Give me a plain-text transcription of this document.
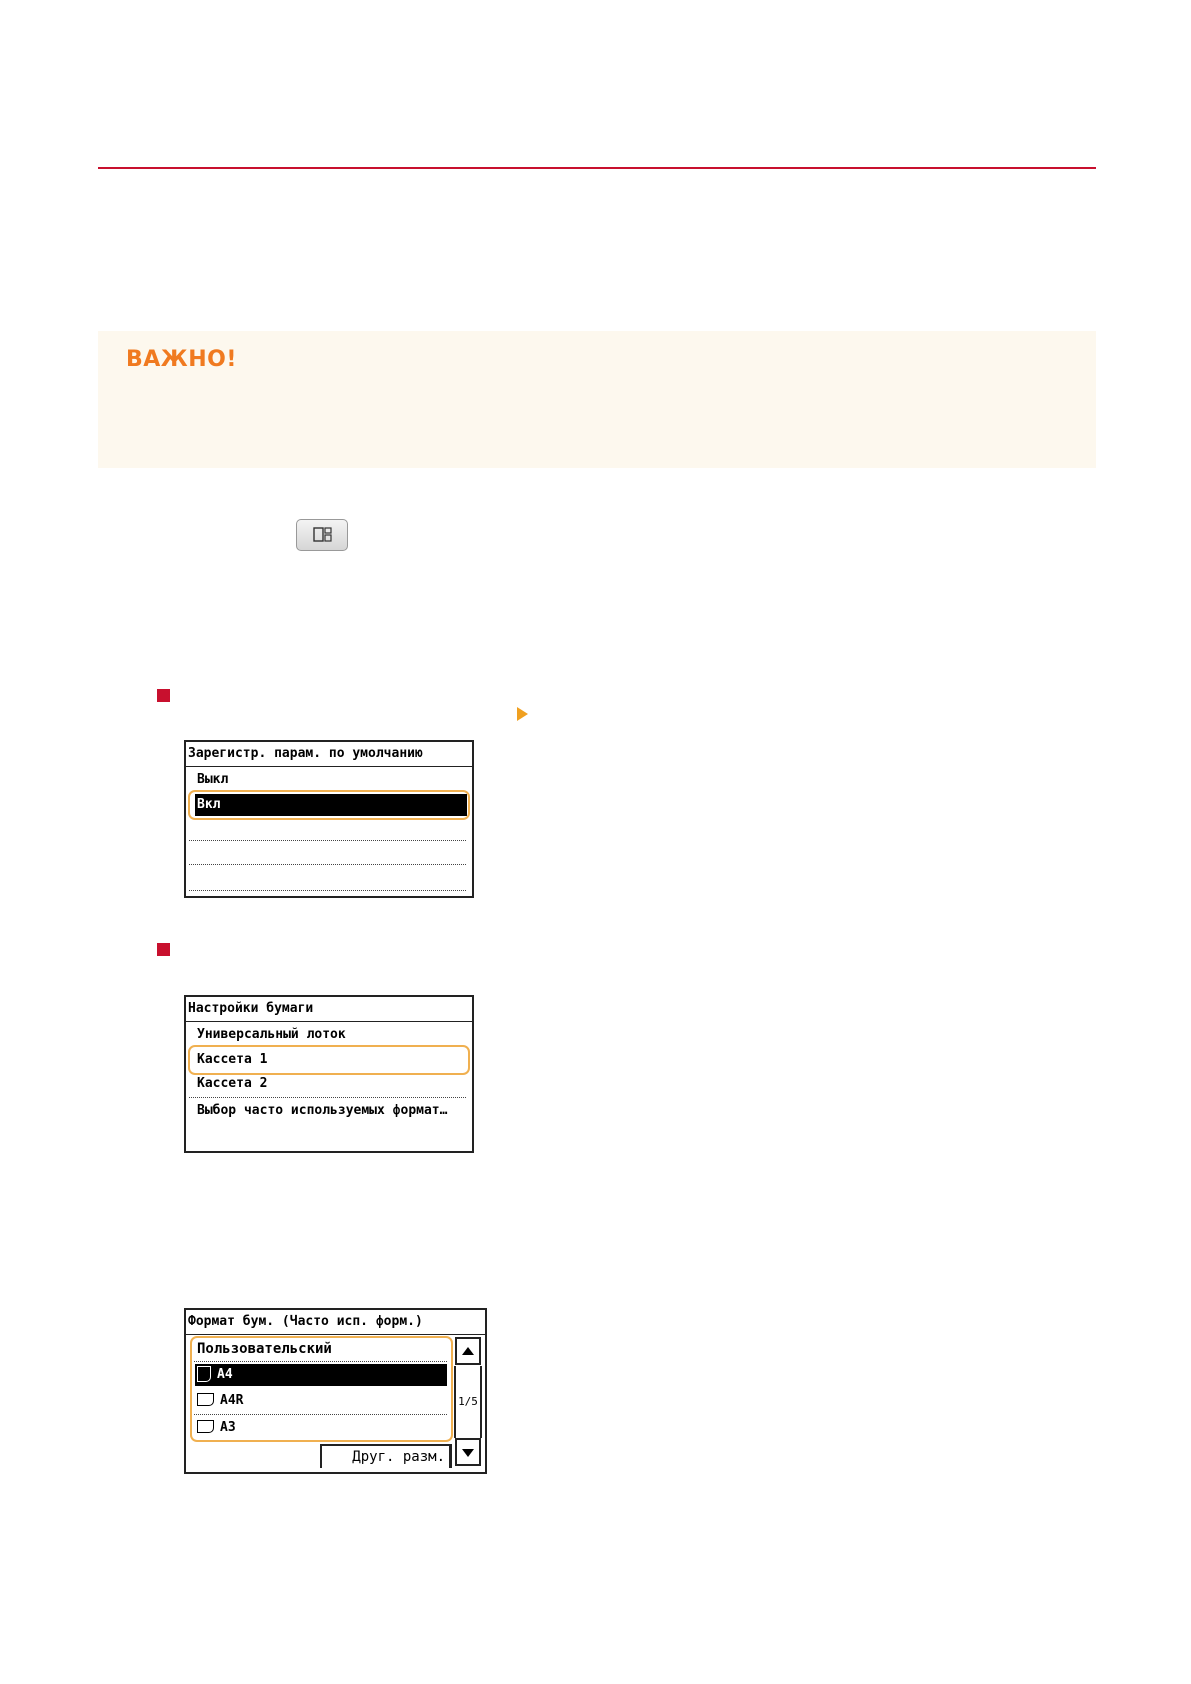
ВАЖНО!
Зарегистр. парам. по умолчанию
Выкл
Вкл
Настройки бумаги
Универсальный лоток
Кассета 1
Кассета 2
Выбор часто используемых формат…
Формат бум. (Часто исп. форм.)
Пользовательский
A4
A4R
A3
1/5
Друг. разм.
